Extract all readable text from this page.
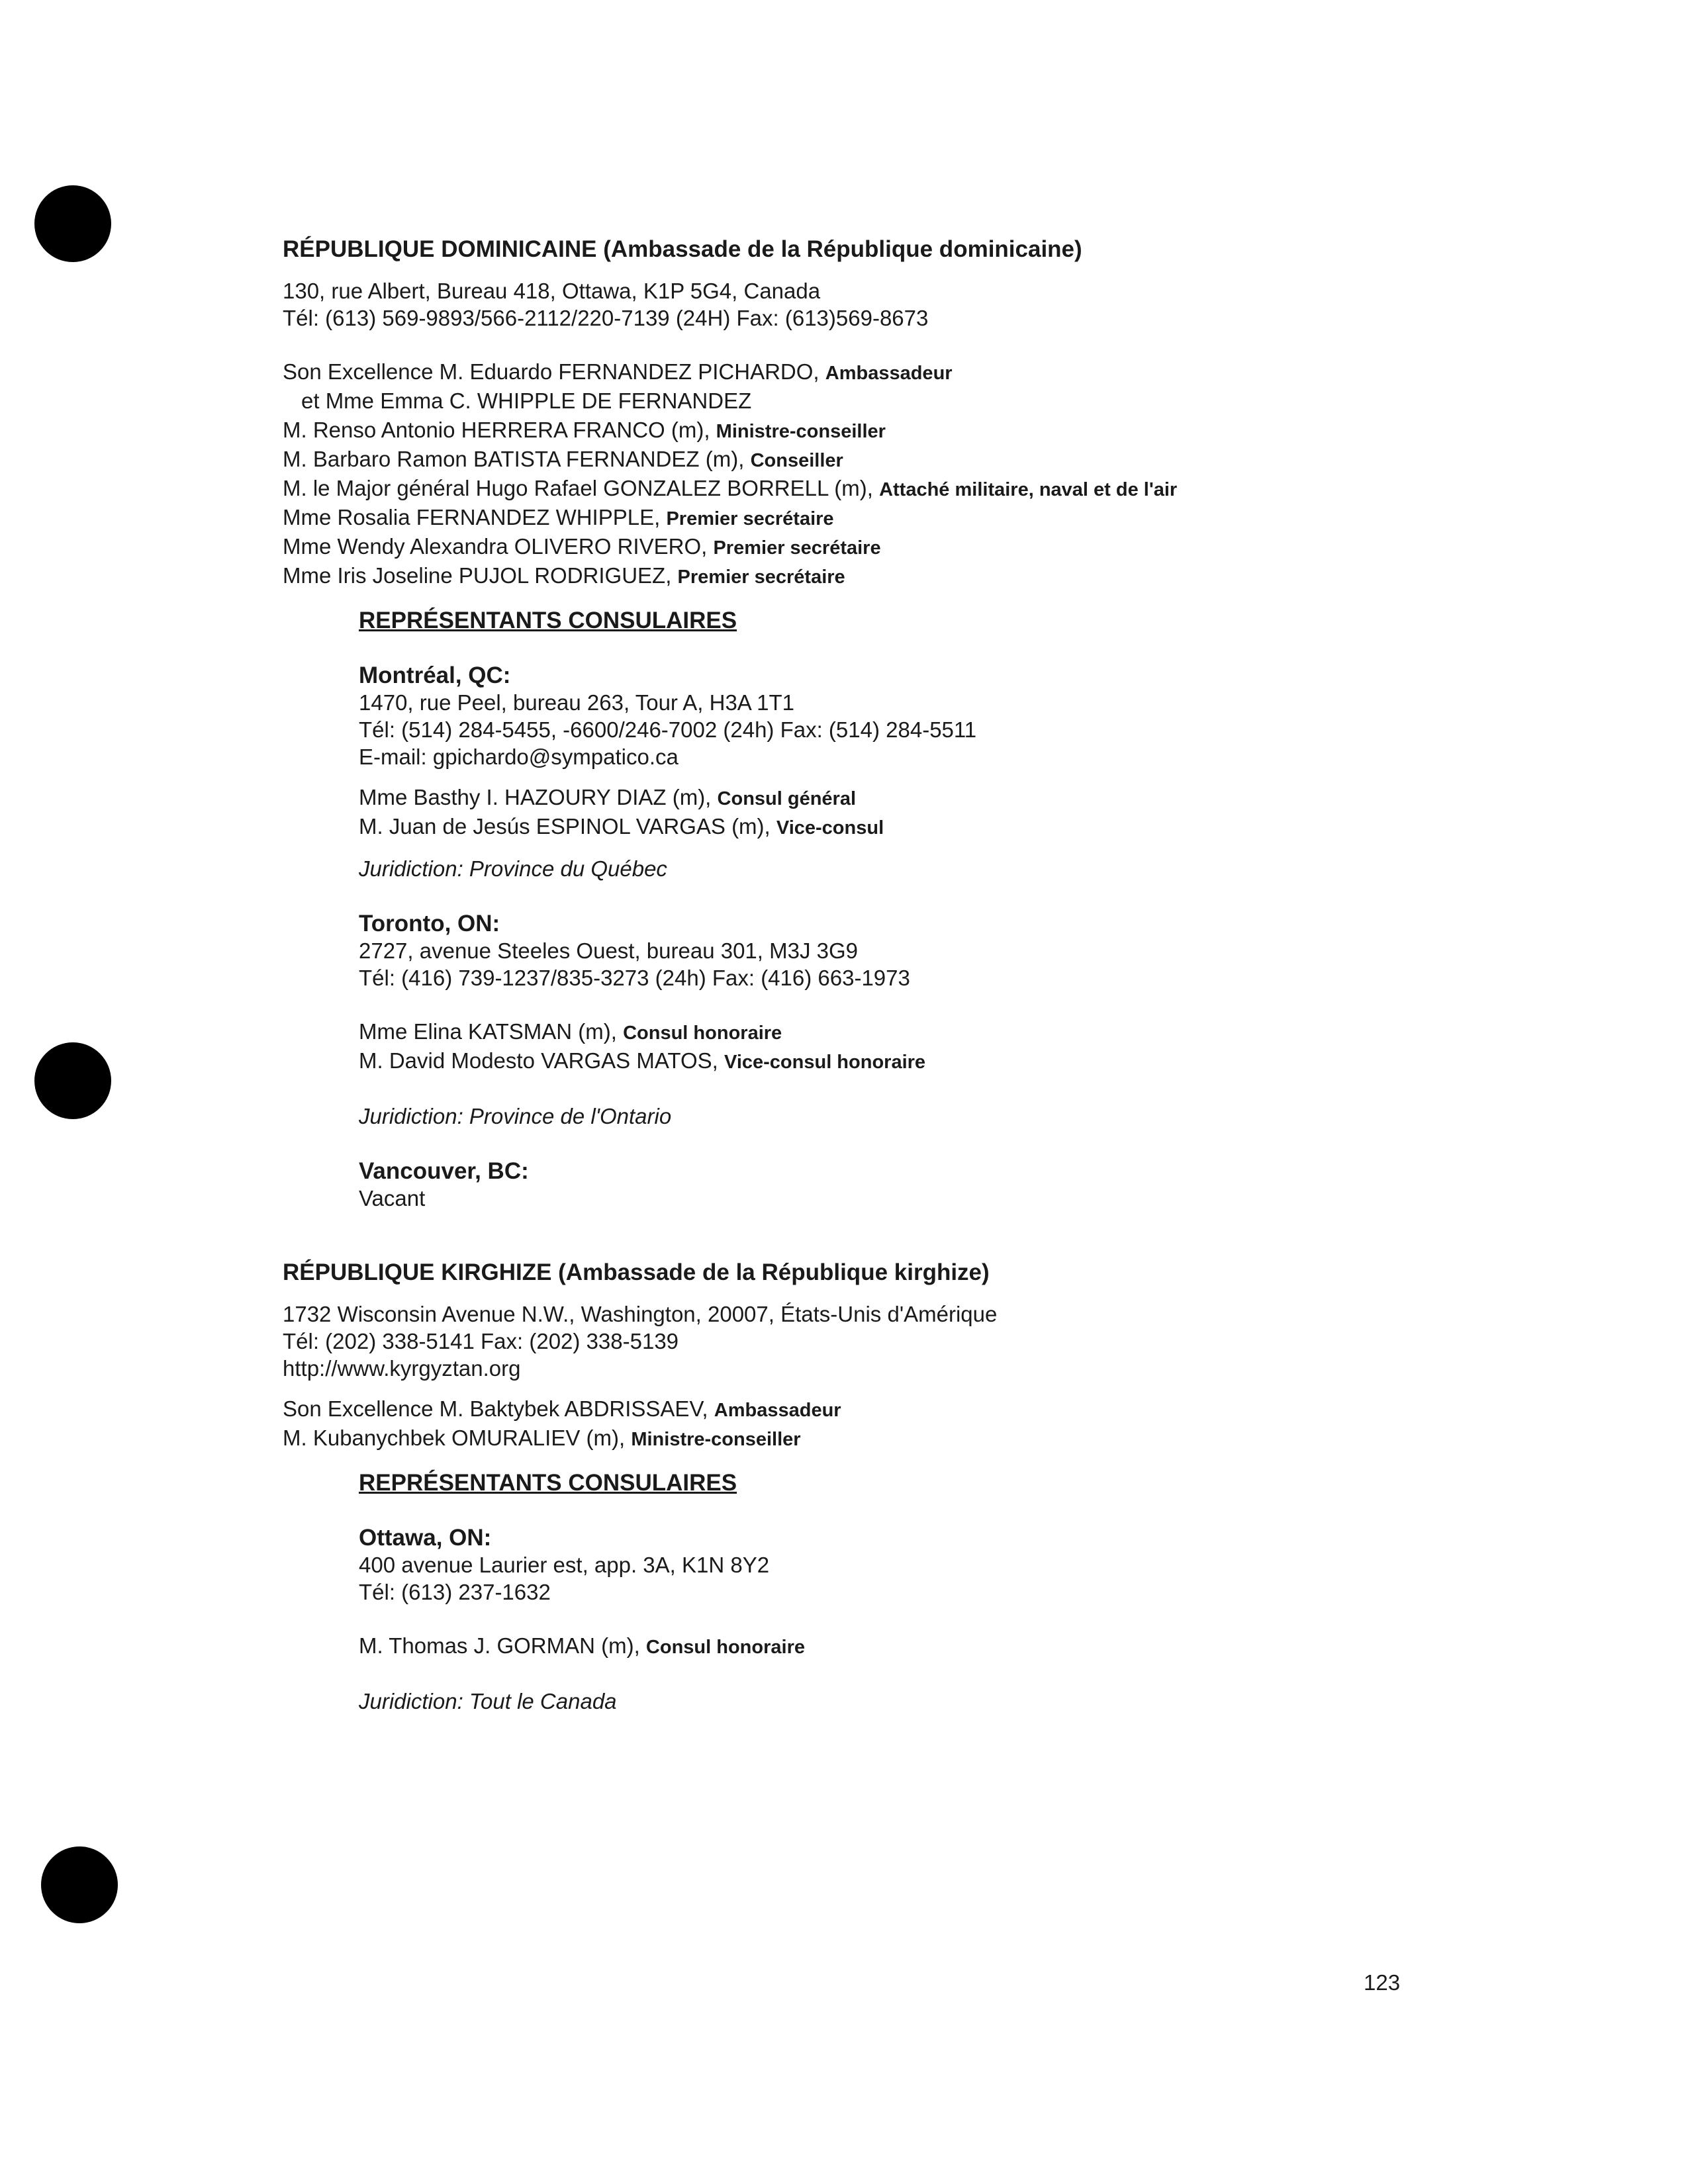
RÉPUBLIQUE DOMINICAINE (Ambassade de la République dominicaine)
130, rue Albert, Bureau 418, Ottawa, K1P 5G4, Canada
Tél: (613) 569-9893/566-2112/220-7139 (24H) Fax: (613)569-8673
Son Excellence M. Eduardo FERNANDEZ PICHARDO, Ambassadeur
et Mme Emma C. WHIPPLE DE FERNANDEZ
M. Renso Antonio HERRERA FRANCO (m), Ministre-conseiller
M. Barbaro Ramon BATISTA FERNANDEZ (m), Conseiller
M. le Major général Hugo Rafael GONZALEZ BORRELL (m), Attaché militaire, naval et de l'air
Mme Rosalia FERNANDEZ WHIPPLE, Premier secrétaire
Mme Wendy Alexandra OLIVERO RIVERO, Premier secrétaire
Mme Iris Joseline PUJOL RODRIGUEZ, Premier secrétaire
REPRÉSENTANTS CONSULAIRES
Montréal, QC:
1470, rue Peel, bureau 263, Tour A, H3A 1T1
Tél: (514) 284-5455, -6600/246-7002 (24h) Fax: (514) 284-5511
E-mail: gpichardo@sympatico.ca
Mme Basthy I. HAZOURY DIAZ (m), Consul général
M. Juan de Jesús ESPINOL VARGAS (m), Vice-consul
Juridiction: Province du Québec
Toronto, ON:
2727, avenue Steeles Ouest, bureau 301, M3J 3G9
Tél: (416) 739-1237/835-3273 (24h) Fax: (416) 663-1973
Mme Elina KATSMAN (m), Consul honoraire
M. David Modesto VARGAS MATOS, Vice-consul honoraire
Juridiction: Province de l'Ontario
Vancouver, BC:
Vacant
RÉPUBLIQUE KIRGHIZE (Ambassade de la République kirghize)
1732 Wisconsin Avenue N.W., Washington, 20007, États-Unis d'Amérique
Tél: (202) 338-5141 Fax: (202) 338-5139
http://www.kyrgyztan.org
Son Excellence M. Baktybek ABDRISSAEV, Ambassadeur
M. Kubanychbek OMURALIEV (m), Ministre-conseiller
REPRÉSENTANTS CONSULAIRES
Ottawa, ON:
400 avenue Laurier est, app. 3A, K1N 8Y2
Tél: (613) 237-1632
M. Thomas J. GORMAN (m), Consul honoraire
Juridiction: Tout le Canada
123
